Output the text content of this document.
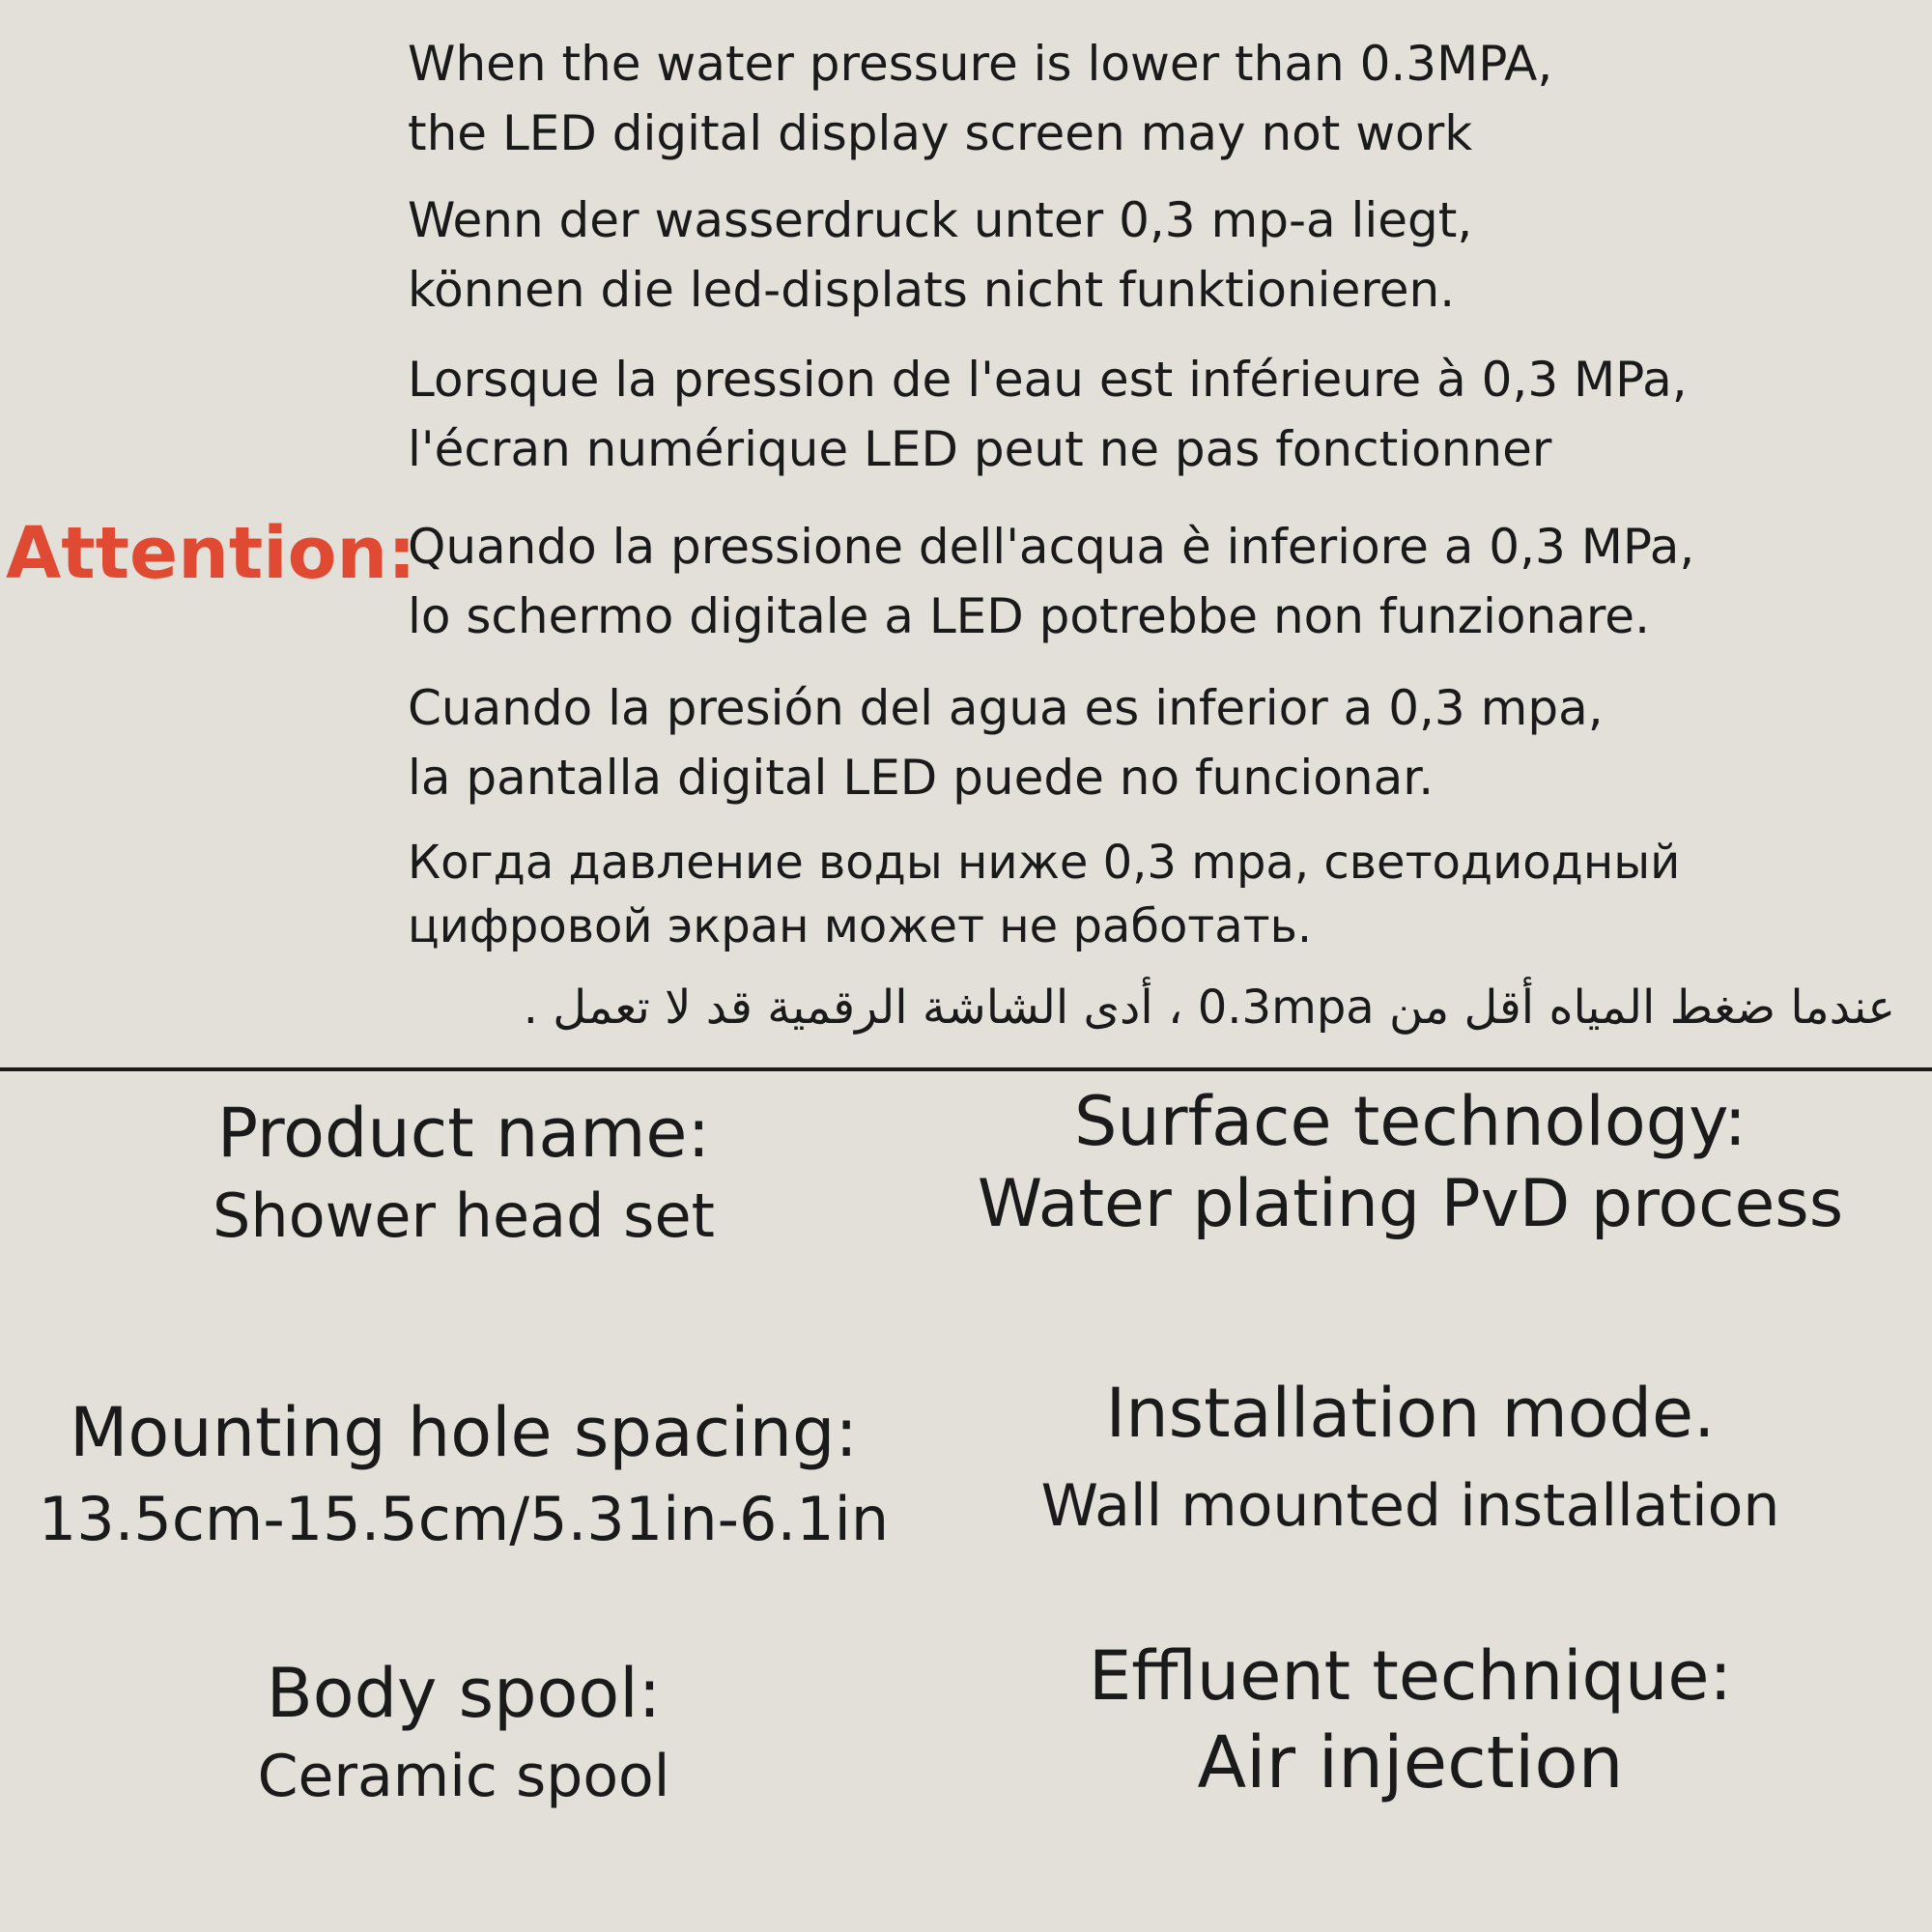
Attention:
When the water pressure is lower than 0.3MPA,
the LED digital display screen may not work
Wenn der wasserdruck unter 0,3 mp-a liegt,
können die led-displats nicht funktionieren.
Lorsque la pression de l'eau est inférieure à 0,3 MPa,
l'écran numérique LED peut ne pas fonctionner
Quando la pressione dell'acqua è inferiore a 0,3 MPa,
lo schermo digitale a LED potrebbe non funzionare.
Cuando la presión del agua es inferior a 0,3 mpa,
la pantalla digital LED puede no funcionar.
Когда давление воды ниже 0,3 mpa, светодиодный
цифровой экран может не работать.
عندما ضغط المياه أقل من 0.3mpa ، أدى الشاشة الرقمية قد لا تعمل .
Product name:
Shower head set
Surface technology:
Water plating PvD process
Mounting hole spacing:
13.5cm-15.5cm/5.31in-6.1in
Installation mode.
Wall mounted installation
Body spool:
Ceramic spool
Effluent technique:
Air injection
